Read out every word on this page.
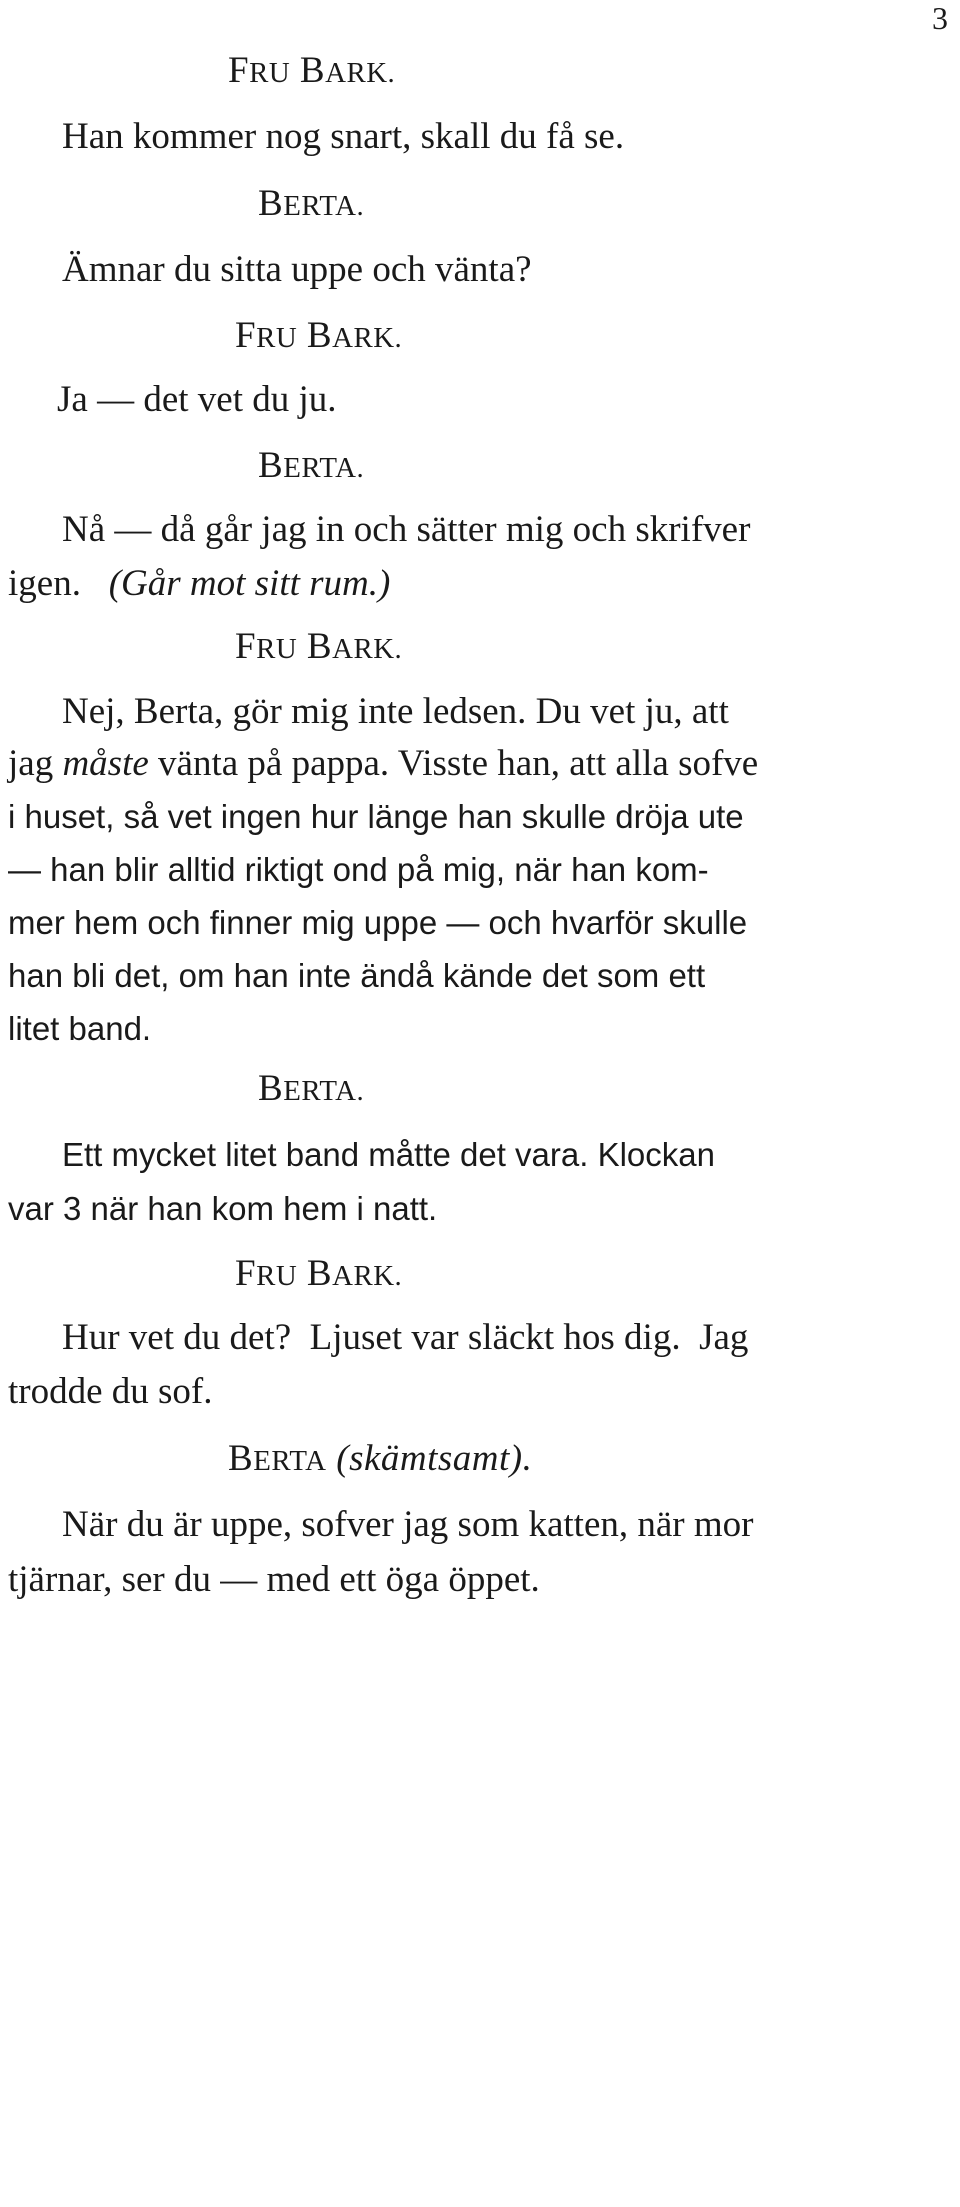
3
FRU BARK.
Han kommer nog snart, skall du få se.
BERTA.
Ämnar du sitta uppe och vänta?
FRU BARK.
Ja — det vet du ju.
BERTA.
Nå — då går jag in och sätter mig och skrifver
igen. (Går mot sitt rum.)
FRU BARK.
Nej, Berta, gör mig inte ledsen. Du vet ju, att
jag måste vänta på pappa. Visste han, att alla sofve
i huset, så vet ingen hur länge han skulle dröja ute
— han blir alltid riktigt ond på mig, när han kom-
mer hem och finner mig uppe — och hvarför skulle
han bli det, om han inte ändå kände det som ett
litet band.
BERTA.
Ett mycket litet band måtte det vara. Klockan
var 3 när han kom hem i natt.
FRU BARK.
Hur vet du det?  Ljuset var släckt hos dig.  Jag
trodde du sof.
BERTA (skämtsamt).
När du är uppe, sofver jag som katten, när mor
tjärnar, ser du — med ett öga öppet.
